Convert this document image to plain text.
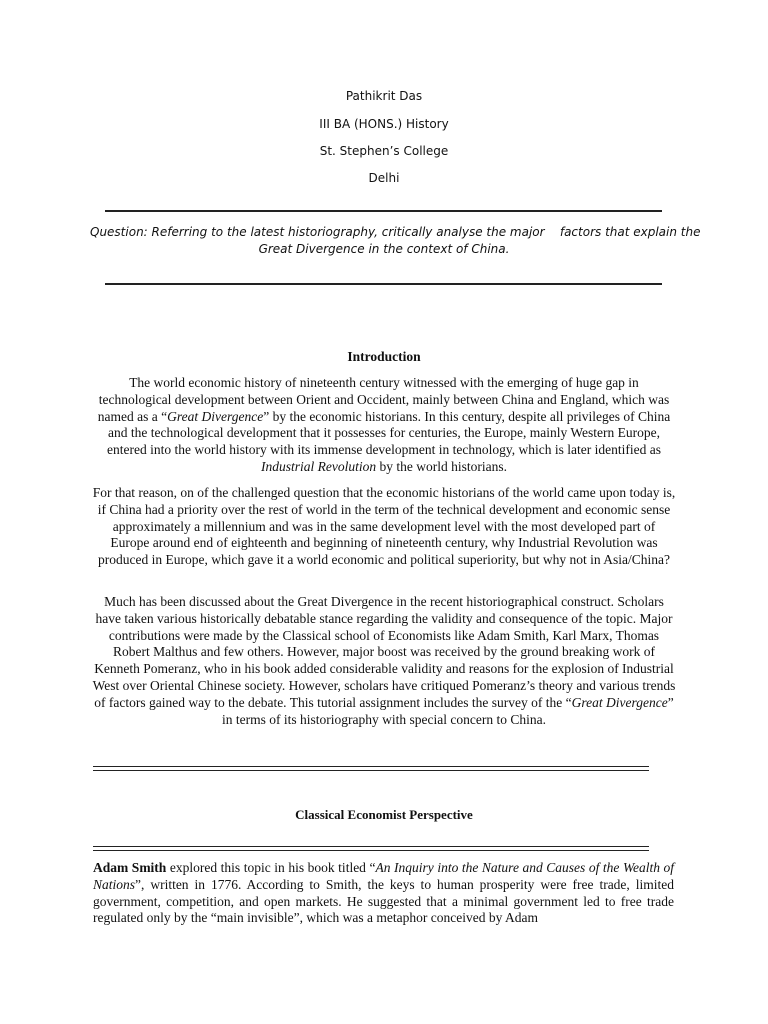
Pathikrit Das
III BA (HONS.) History
St. Stephen’s College
Delhi
Question: Referring to the latest historiography, critically analyse the major    factors that explain the
Great Divergence in the context of China.
Introduction

The world economic history of nineteenth century witnessed with the emerging of huge gap in technological development between Orient and Occident, mainly between China and England, which was named as a “Great Divergence” by the economic historians. In this century, despite all privileges of China and the technological development that it possesses for centuries, the Europe, mainly Western Europe, entered into the world history with its immense development in technology, which is later identified as Industrial Revolution by the world historians.

For that reason, on of the challenged question that the economic historians of the world came upon today is, if China had a priority over the rest of world in the term of the technical development and economic sense approximately a millennium and was in the same development level with the most developed part of Europe around end of eighteenth and beginning of nineteenth century, why Industrial Revolution was produced in Europe, which gave it a world economic and political superiority, but why not in Asia/China?

Much has been discussed about the Great Divergence in the recent historiographical construct. Scholars have taken various historically debatable stance regarding the validity and consequence of the topic. Major contributions were made by the Classical school of Economists like Adam Smith, Karl Marx, Thomas Robert Malthus and few others. However, major boost was received by the ground breaking work of Kenneth Pomeranz, who in his book added considerable validity and reasons for the explosion of Industrial West over Oriental Chinese society. However, scholars have critiqued Pomeranz’s theory and various trends of factors gained way to the debate. This tutorial assignment includes the survey of the “Great Divergence” in terms of its historiography with special concern to China.

Classical Economist Perspective

Adam Smith explored this topic in his book titled “An Inquiry into the Nature and Causes of the Wealth of Nations”, written in 1776. According to Smith, the keys to human prosperity were free trade, limited government, competition, and open markets. He suggested that a minimal government led to free trade regulated only by the “main invisible”, which was a metaphor conceived by Adam
